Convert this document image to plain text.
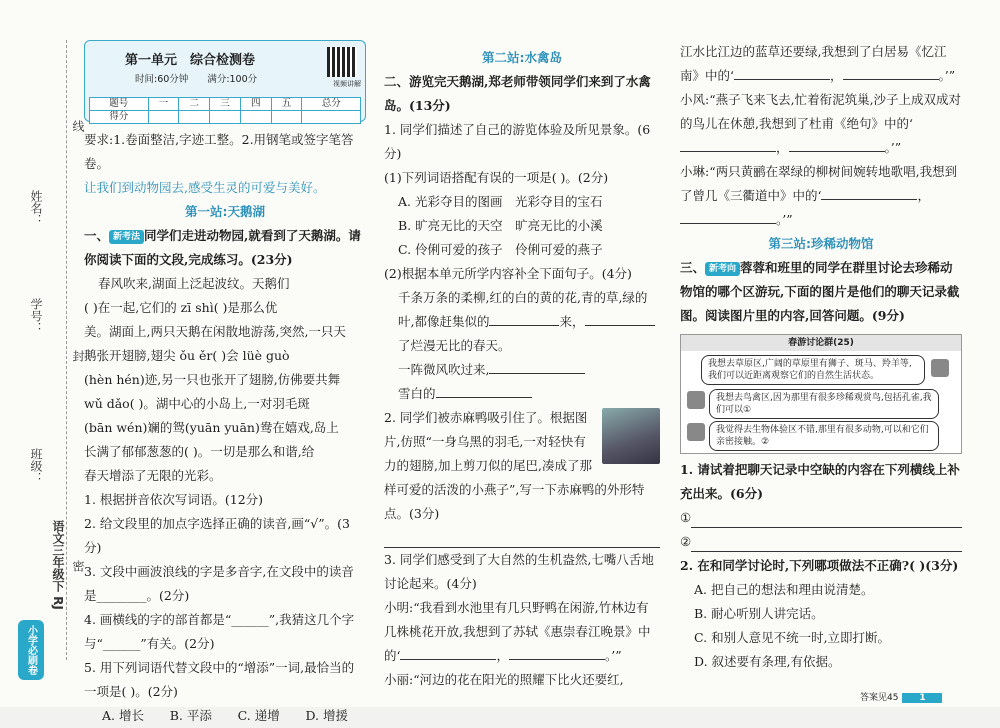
姓名：
学号：
班级：
语文三年级下 RJ
线
封
密
小学必刷卷
第一单元　综合检测卷
时间:60分钟　　 满分:100分	视频讲解
题号	一	二	三	四	五	总分
得分						
要求:1.卷面整洁,字迹工整。2.用钢笔或签字笔答卷。
让我们到动物园去,感受生灵的可爱与美好。
第一站:天鹅湖
一、 新考法 同学们走进动物园,就看到了天鹅湖。请你阅读下面的文段,完成练习。(23分)
春风吹来,湖面上泛起波纹。天鹅们
( )在一起,它们的 zī shì( )是那么优
美。湖面上,两只天鹅在闲散地游荡,突然,一只天
鹅张开翅膀,翅尖 ǒu ěr( )会 lüè guò
(hèn hén)迹,另一只也张开了翅膀,仿佛要共舞
wǔ dǎo( )。湖中心的小岛上,一对羽毛斑
(bān wén)斓的鸳(yuān yuān)鸯在嬉戏,岛上
长满了郁郁葱葱的( )。一切是那么和谐,给
春天增添了无限的光彩。
1. 根据拼音依次写词语。(12分)
2. 给文段里的加点字选择正确的读音,画“√”。(3分)
3. 文段中画波浪线的字是多音字,在文段中的读音是________。(2分)
4. 画横线的字的部首都是“______”,我猜这几个字与“______”有关。(2分)
5. 用下列词语代替文段中的“增添”一词,最恰当的一项是( )。(2分)
A. 增长 B. 平添 C. 递增 D. 增援
第二站:水禽岛
二、游览完天鹅湖,郑老师带领同学们来到了水禽岛。(13分)
1. 同学们描述了自己的游览体验及所见景象。(6分)
(1)下列词语搭配有误的一项是( )。(2分)
A. 光彩夺目的图画　光彩夺目的宝石
B. 旷亮无比的天空　旷亮无比的小溪
C. 伶俐可爱的孩子　伶俐可爱的燕子
(2)根据本单元所学内容补全下面句子。(4分)
千条万条的柔柳,红的白的黄的花,青的草,绿的叶,都像赶集似的	来，了烂漫无比的春天。
一阵微风吹过来,
雪白的
2. 同学们被赤麻鸭吸引住了。根据图片,仿照“一身乌黑的羽毛,一对轻快有力的翅膀,加上剪刀似的尾巴,凑成了那样可爱的活泼的小燕子”,写一下赤麻鸭的外形特点。(3分)
3. 同学们感受到了大自然的生机盎然,七嘴八舌地讨论起来。(4分)
小明:“我看到水池里有几只野鸭在闲游,竹林边有几株桃花开放,我想到了苏轼《惠崇春江晚景》中的‘	，	。’”
小丽:“河边的花在阳光的照耀下比火还要红,
江水比江边的蓝草还要绿,我想到了白居易《忆江南》中的‘	，	。’”
小风:“燕子飞来飞去,忙着衔泥筑巢,沙子上成双成对的鸟儿在休憩,我想到了杜甫《绝句》中的‘，	。’”
小琳:“两只黄鹂在翠绿的柳树间婉转地歌唱,我想到了曾几《三衢道中》中的‘	，。’”
第三站:珍稀动物馆
三、 新考向 蓉蓉和班里的同学在群里讨论去珍稀动物馆的哪个区游玩,下面的图片是他们的聊天记录截图。阅读图片里的内容,回答问题。(9分)
春游讨论群(25)
我想去草原区,广阔的草原里有狮子、斑马、羚羊等,我们可以近距离观察它们的自然生活状态。
我想去鸟禽区,因为那里有很多珍稀观赏鸟,包括孔雀,我们可以①
我觉得去生物体验区不错,那里有很多动物,可以和它们亲密接触。②
1. 请试着把聊天记录中空缺的内容在下列横线上补充出来。(6分)
①
②
2. 在和同学讨论时,下列哪项做法不正确?( )(3分)
A. 把自己的想法和理由说清楚。
B. 耐心听别人讲完话。
C. 和别人意见不统一时,立即打断。
D. 叙述要有条理,有依据。
答案见45 1
